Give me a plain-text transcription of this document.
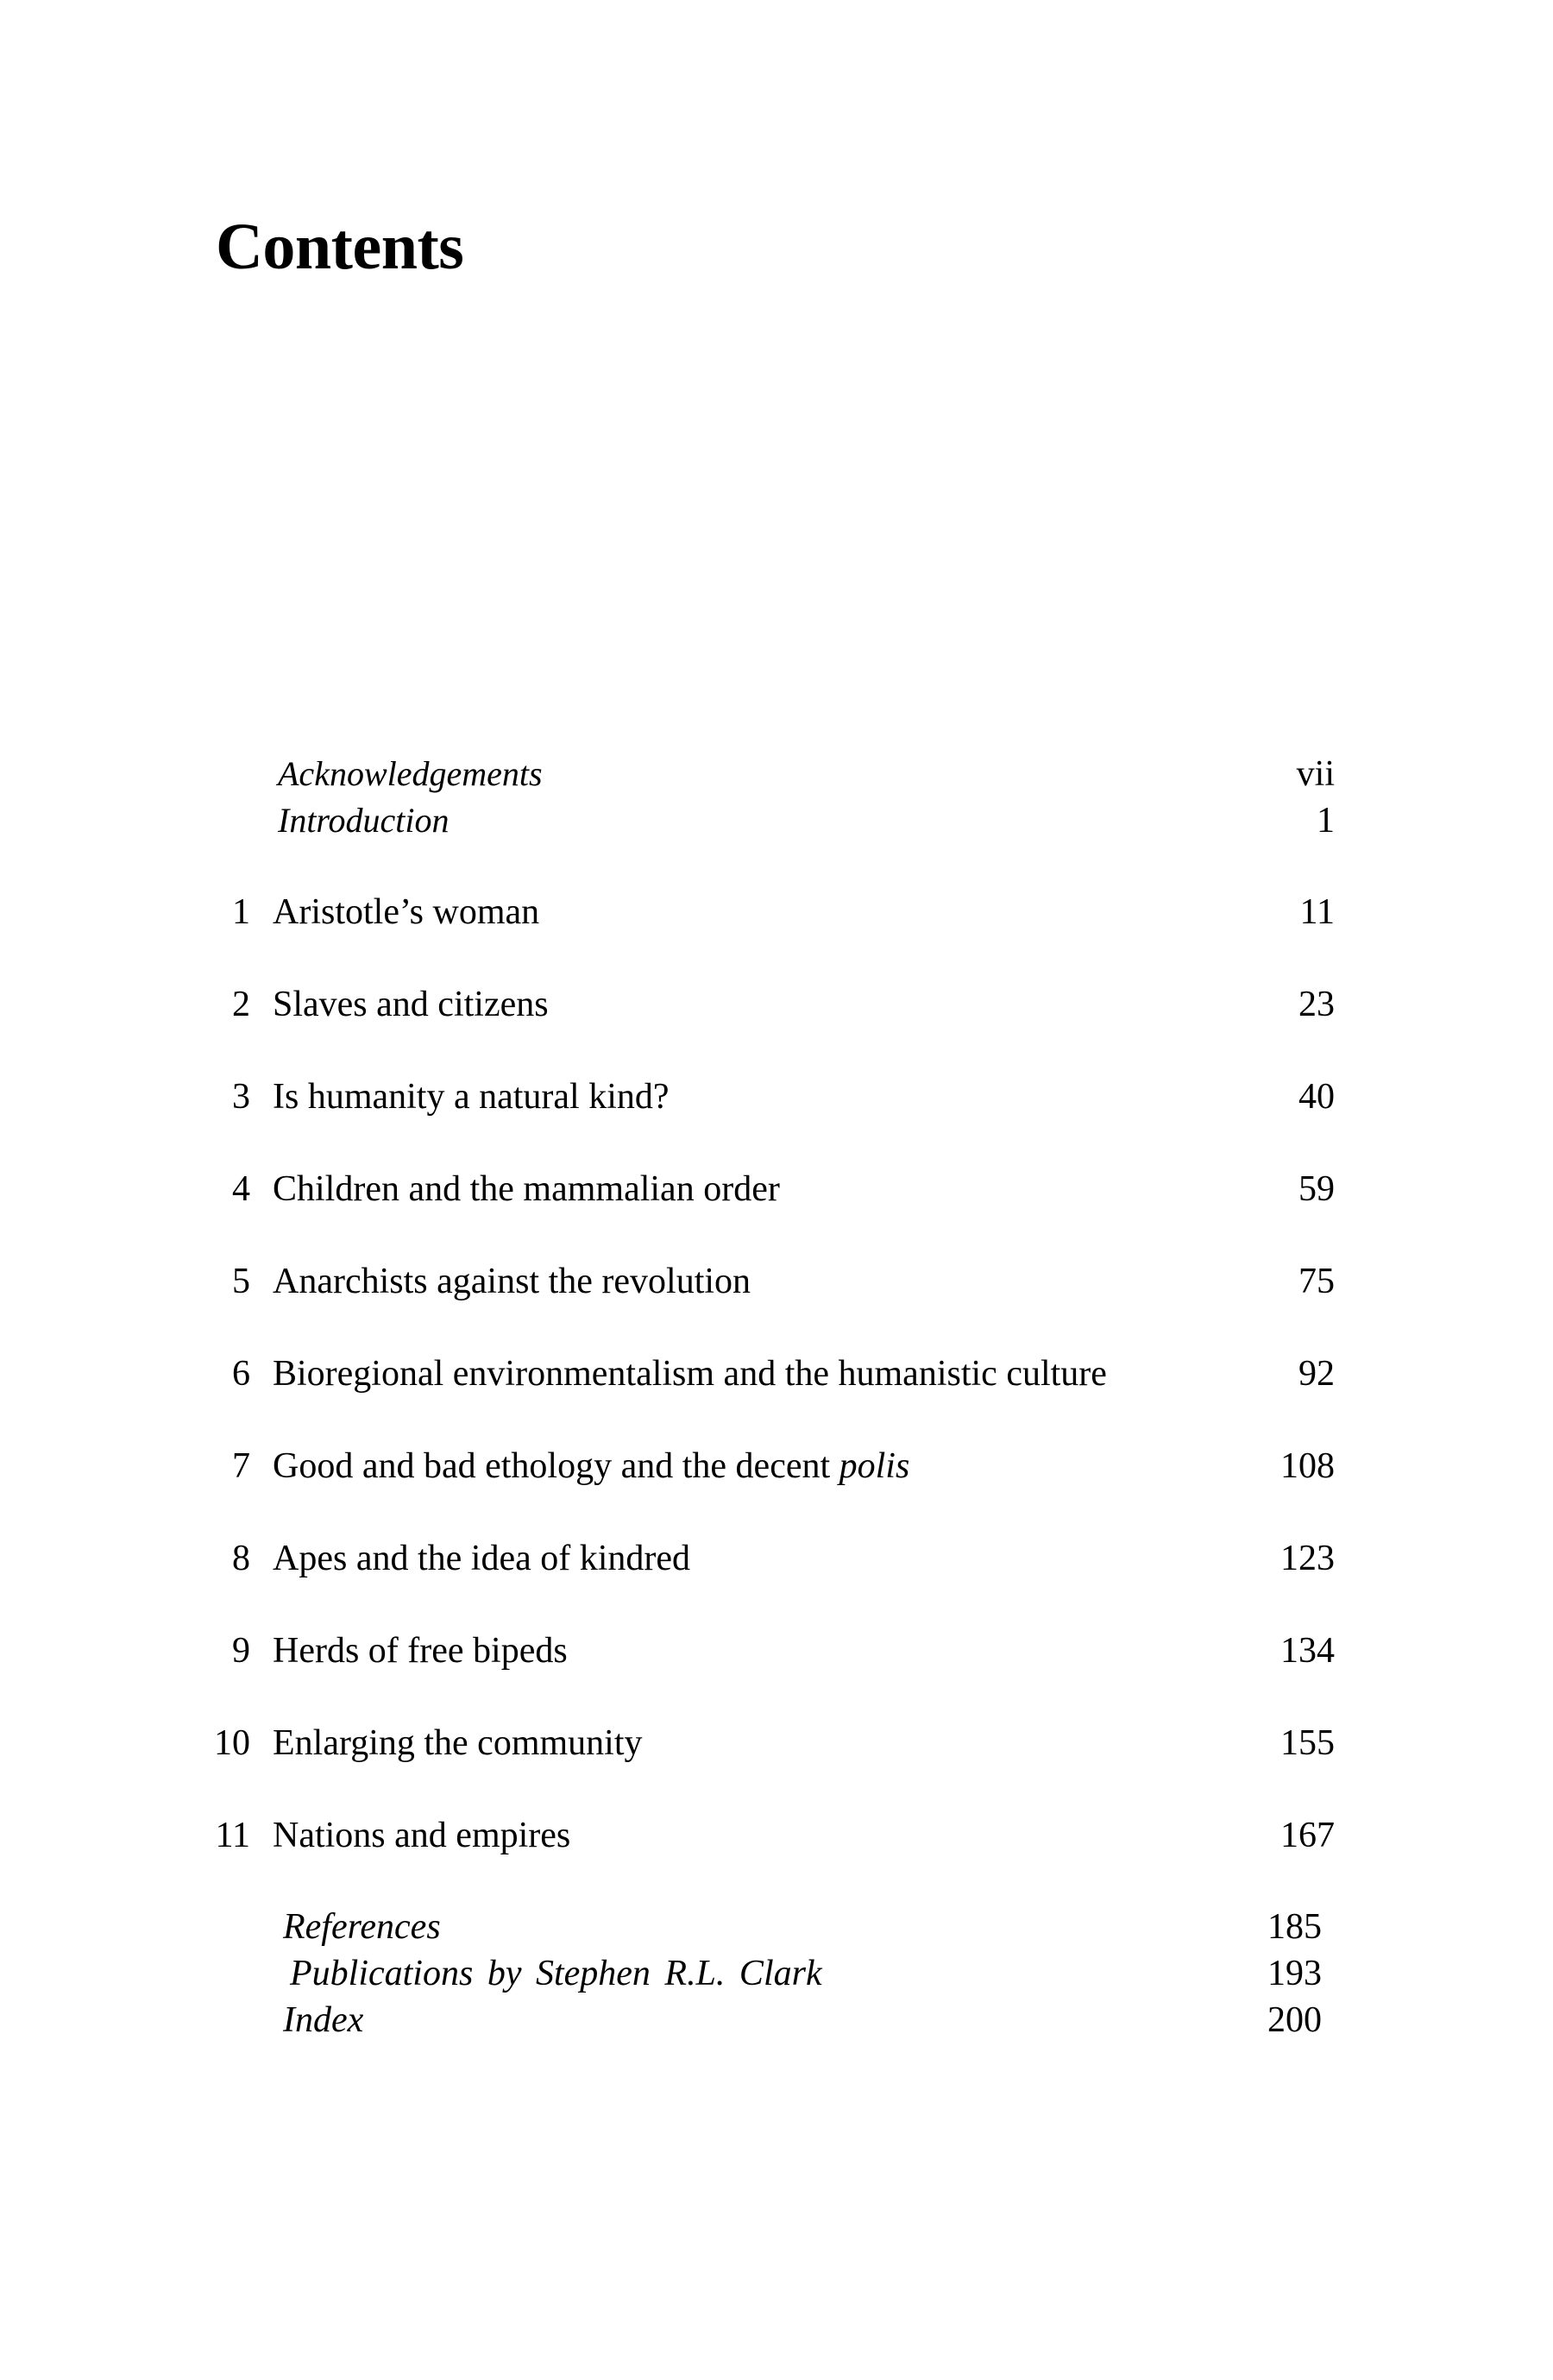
Contents
Acknowledgements	vii
Introduction	1
1 Aristotle’s woman	11
2 Slaves and citizens	23
3 Is humanity a natural kind?	40
4 Children and the mammalian order	59
5 Anarchists against the revolution	75
6 Bioregional environmentalism and the humanistic culture	92
7 Good and bad ethology and the decent polis	108
8 Apes and the idea of kindred	123
9 Herds of free bipeds	134
10 Enlarging the community	155
11 Nations and empires	167
References	185
Publications by Stephen R.L. Clark	193
Index	200
